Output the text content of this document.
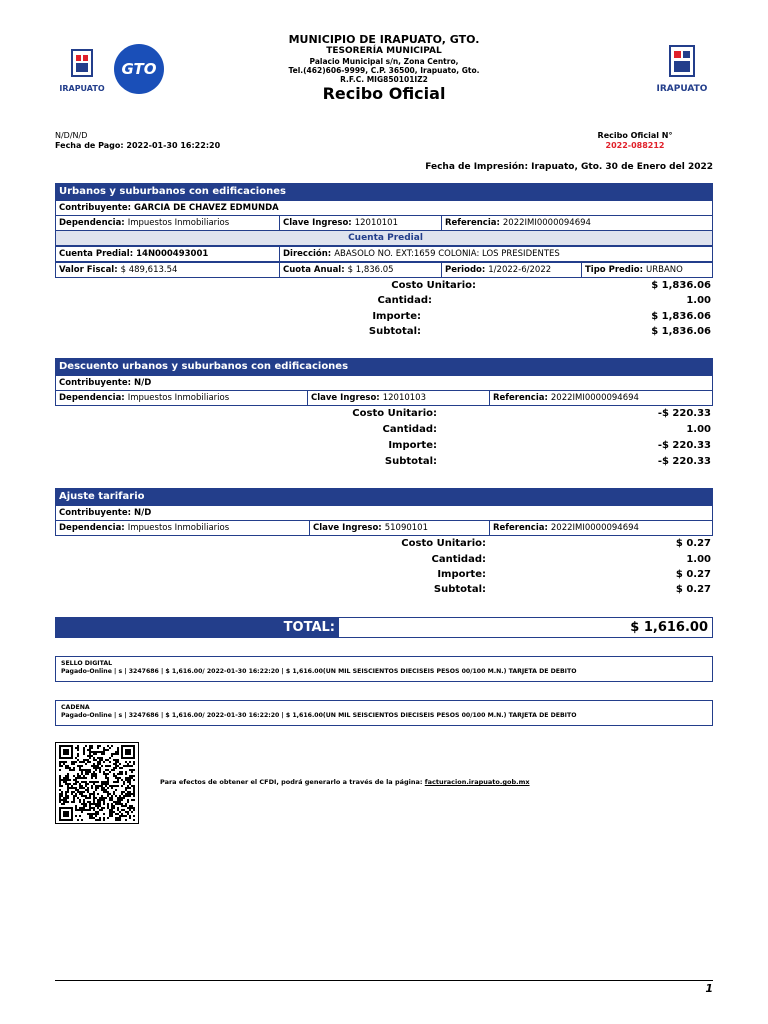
IRAPUATO
GTO
IRAPUATO
MUNICIPIO DE IRAPUATO, GTO.
TESORERÍA MUNICIPAL
Palacio Municipal s/n, Zona Centro,
Tel.(462)606-9999, C.P. 36500, Irapuato, Gto.
R.F.C. MIG850101IZ2
Recibo Oficial
N/D/N/D
Fecha de Pago: 2022-01-30 16:22:20
Recibo Oficial N°
2022-088212
Fecha de Impresión: Irapuato, Gto. 30 de Enero del 2022
Urbanos y suburbanos con edificaciones
Contribuyente: GARCIA DE CHAVEZ EDMUNDA
Dependencia: Impuestos Inmobiliarios	Clave Ingreso: 12010101	Referencia: 2022IMI0000094694
Cuenta Predial
Cuenta Predial: 14N000493001	Dirección: ABASOLO NO. EXT:1659 COLONIA: LOS PRESIDENTES
Valor Fiscal: $ 489,613.54	Cuota Anual: $ 1,836.05	Periodo: 1/2022-6/2022	Tipo Predio: URBANO
Costo Unitario:	$ 1,836.06
Cantidad:	1.00
Importe:	$ 1,836.06
Subtotal:	$ 1,836.06
Descuento urbanos y suburbanos con edificaciones
Contribuyente: N/D
Dependencia: Impuestos Inmobiliarios	Clave Ingreso: 12010103	Referencia: 2022IMI0000094694
Costo Unitario:	-$ 220.33
Cantidad:	1.00
Importe:	-$ 220.33
Subtotal:	-$ 220.33
Ajuste tarifario
Contribuyente: N/D
Dependencia: Impuestos Inmobiliarios	Clave Ingreso: 51090101	Referencia: 2022IMI0000094694
Costo Unitario:	$ 0.27
Cantidad:	1.00
Importe:	$ 0.27
Subtotal:	$ 0.27
TOTAL:	$ 1,616.00
SELLO DIGITAL
Pagado-Online | s | 3247686 | $ 1,616.00/ 2022-01-30 16:22:20 | $ 1,616.00(UN MIL SEISCIENTOS DIECISEIS PESOS 00/100 M.N.) TARJETA DE DEBITO
CADENA
Pagado-Online | s | 3247686 | $ 1,616.00/ 2022-01-30 16:22:20 | $ 1,616.00(UN MIL SEISCIENTOS DIECISEIS PESOS 00/100 M.N.) TARJETA DE DEBITO
Para efectos de obtener el CFDI, podrá generarlo a través de la página: facturacion.irapuato.gob.mx
1
